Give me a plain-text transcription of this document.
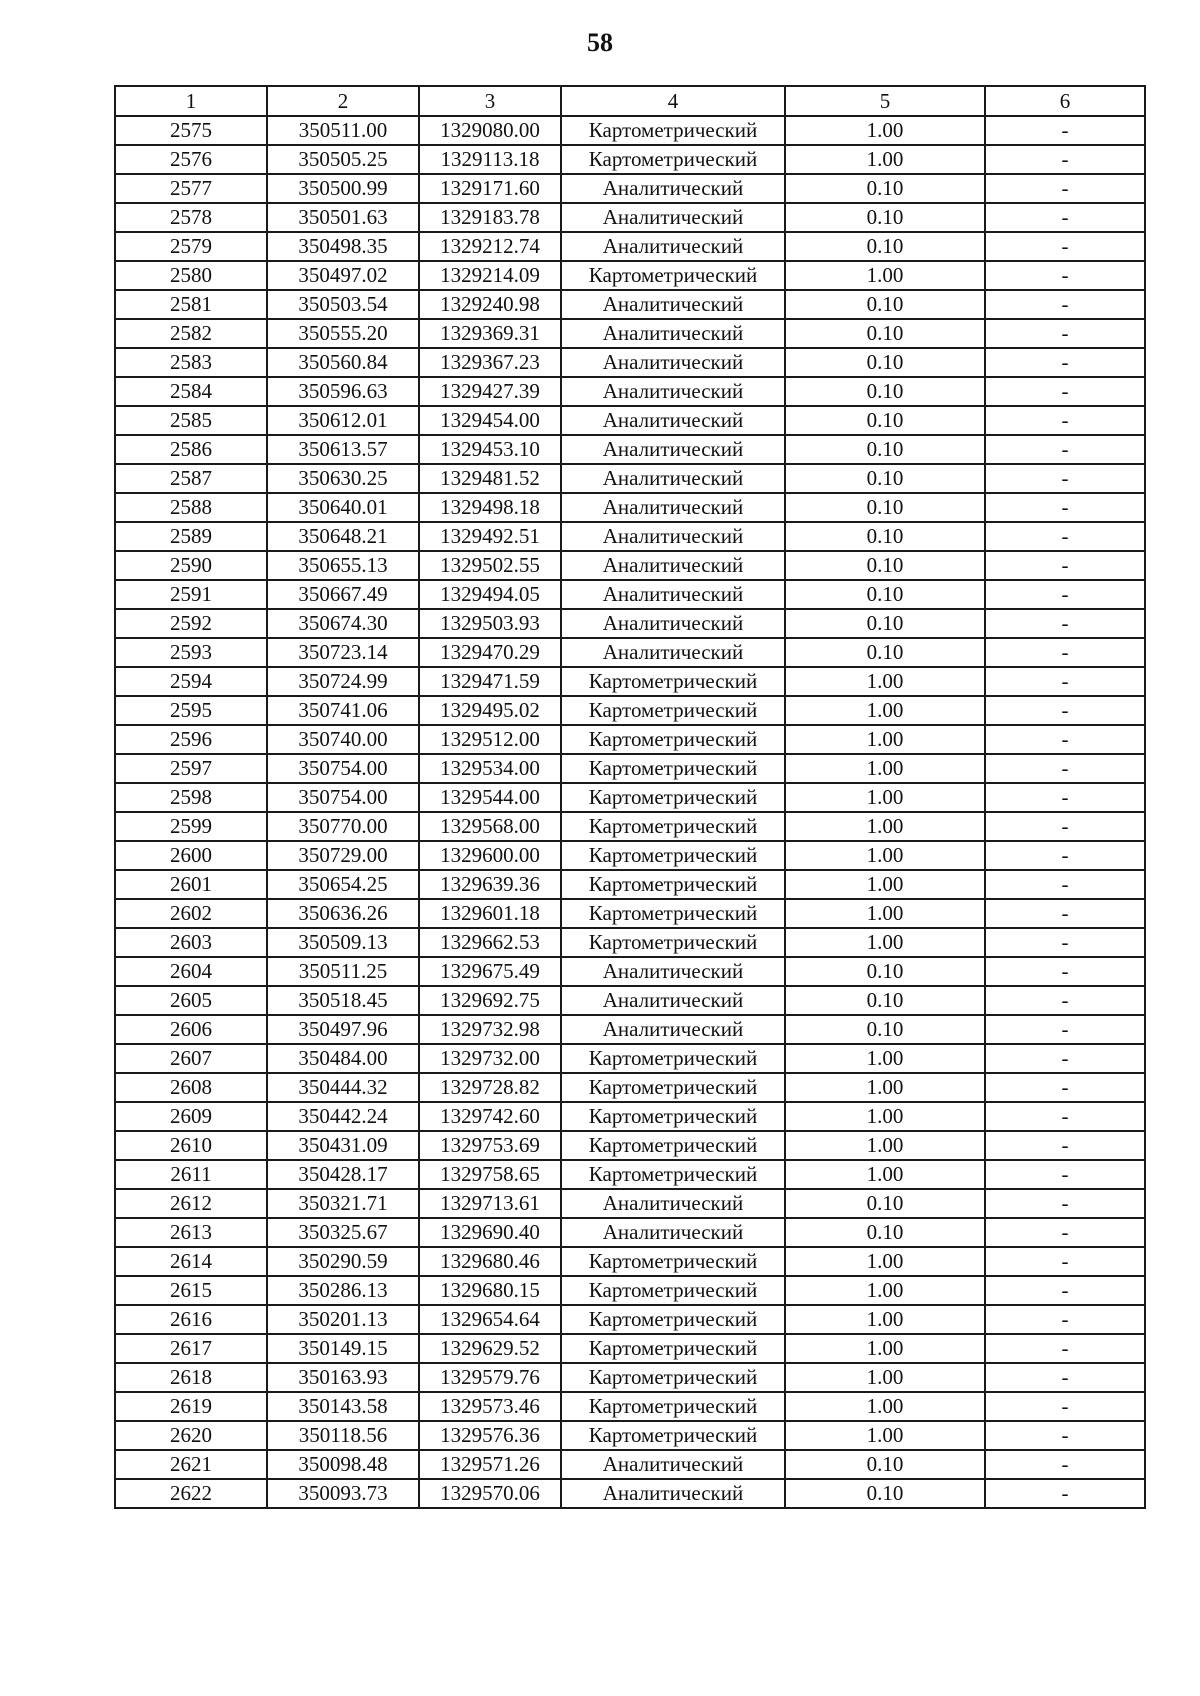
58
1	2	3	4	5	6
2575	350511.00	1329080.00	Картометрический	1.00	-
2576	350505.25	1329113.18	Картометрический	1.00	-
2577	350500.99	1329171.60	Аналитический	0.10	-
2578	350501.63	1329183.78	Аналитический	0.10	-
2579	350498.35	1329212.74	Аналитический	0.10	-
2580	350497.02	1329214.09	Картометрический	1.00	-
2581	350503.54	1329240.98	Аналитический	0.10	-
2582	350555.20	1329369.31	Аналитический	0.10	-
2583	350560.84	1329367.23	Аналитический	0.10	-
2584	350596.63	1329427.39	Аналитический	0.10	-
2585	350612.01	1329454.00	Аналитический	0.10	-
2586	350613.57	1329453.10	Аналитический	0.10	-
2587	350630.25	1329481.52	Аналитический	0.10	-
2588	350640.01	1329498.18	Аналитический	0.10	-
2589	350648.21	1329492.51	Аналитический	0.10	-
2590	350655.13	1329502.55	Аналитический	0.10	-
2591	350667.49	1329494.05	Аналитический	0.10	-
2592	350674.30	1329503.93	Аналитический	0.10	-
2593	350723.14	1329470.29	Аналитический	0.10	-
2594	350724.99	1329471.59	Картометрический	1.00	-
2595	350741.06	1329495.02	Картометрический	1.00	-
2596	350740.00	1329512.00	Картометрический	1.00	-
2597	350754.00	1329534.00	Картометрический	1.00	-
2598	350754.00	1329544.00	Картометрический	1.00	-
2599	350770.00	1329568.00	Картометрический	1.00	-
2600	350729.00	1329600.00	Картометрический	1.00	-
2601	350654.25	1329639.36	Картометрический	1.00	-
2602	350636.26	1329601.18	Картометрический	1.00	-
2603	350509.13	1329662.53	Картометрический	1.00	-
2604	350511.25	1329675.49	Аналитический	0.10	-
2605	350518.45	1329692.75	Аналитический	0.10	-
2606	350497.96	1329732.98	Аналитический	0.10	-
2607	350484.00	1329732.00	Картометрический	1.00	-
2608	350444.32	1329728.82	Картометрический	1.00	-
2609	350442.24	1329742.60	Картометрический	1.00	-
2610	350431.09	1329753.69	Картометрический	1.00	-
2611	350428.17	1329758.65	Картометрический	1.00	-
2612	350321.71	1329713.61	Аналитический	0.10	-
2613	350325.67	1329690.40	Аналитический	0.10	-
2614	350290.59	1329680.46	Картометрический	1.00	-
2615	350286.13	1329680.15	Картометрический	1.00	-
2616	350201.13	1329654.64	Картометрический	1.00	-
2617	350149.15	1329629.52	Картометрический	1.00	-
2618	350163.93	1329579.76	Картометрический	1.00	-
2619	350143.58	1329573.46	Картометрический	1.00	-
2620	350118.56	1329576.36	Картометрический	1.00	-
2621	350098.48	1329571.26	Аналитический	0.10	-
2622	350093.73	1329570.06	Аналитический	0.10	-
